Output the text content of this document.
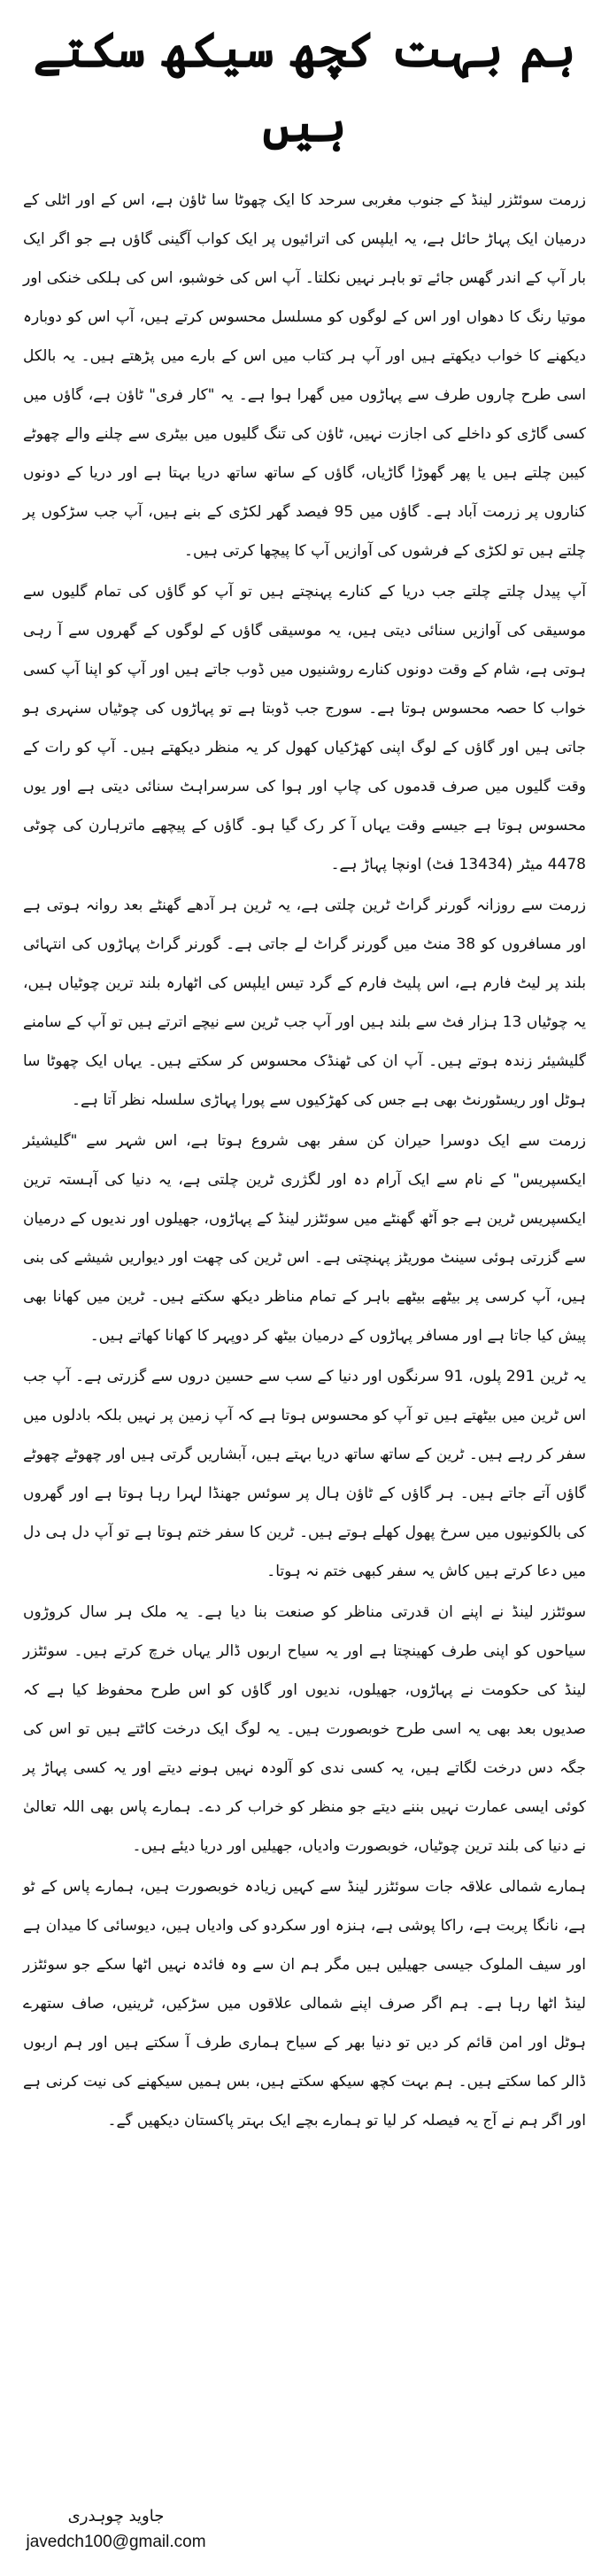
ہم بہت کچھ سیکھ سکتے ہیں

زرمت سوئٹزر لینڈ کے جنوب مغربی سرحد کا ایک چھوٹا سا ٹاؤن ہے، اس کے اور اٹلی کے درمیان ایک پہاڑ حائل ہے، یہ ایلپس کی اترائیوں پر ایک کواب آگینی گاؤں ہے جو اگر ایک بار آپ کے اندر گھس جائے تو باہر نہیں نکلتا۔ آپ اس کی خوشبو، اس کی ہلکی خنکی اور موتیا رنگ کا دھواں اور اس کے لوگوں کو مسلسل محسوس کرتے ہیں، آپ اس کو دوبارہ دیکھنے کا خواب دیکھتے ہیں اور آپ ہر کتاب میں اس کے بارے میں پڑھتے ہیں۔ یہ بالکل اسی طرح چاروں طرف سے پہاڑوں میں گھرا ہوا ہے۔ یہ "کار فری" ٹاؤن ہے، گاؤں میں کسی گاڑی کو داخلے کی اجازت نہیں، ٹاؤن کی تنگ گلیوں میں بیٹری سے چلنے والے چھوٹے کیبن چلتے ہیں یا پھر گھوڑا گاڑیاں، گاؤں کے ساتھ ساتھ دریا بہتا ہے اور دریا کے دونوں کناروں پر زرمت آباد ہے۔ گاؤں میں 95 فیصد گھر لکڑی کے بنے ہیں، آپ جب سڑکوں پر چلتے ہیں تو لکڑی کے فرشوں کی آوازیں آپ کا پیچھا کرتی ہیں۔

آپ پیدل چلتے چلتے جب دریا کے کنارے پہنچتے ہیں تو آپ کو گاؤں کی تمام گلیوں سے موسیقی کی آوازیں سنائی دیتی ہیں، یہ موسیقی گاؤں کے لوگوں کے گھروں سے آ رہی ہوتی ہے، شام کے وقت دونوں کنارے روشنیوں میں ڈوب جاتے ہیں اور آپ کو اپنا آپ کسی خواب کا حصہ محسوس ہوتا ہے۔ سورج جب ڈوبتا ہے تو پہاڑوں کی چوٹیاں سنہری ہو جاتی ہیں اور گاؤں کے لوگ اپنی کھڑکیاں کھول کر یہ منظر دیکھتے ہیں۔ آپ کو رات کے وقت گلیوں میں صرف قدموں کی چاپ اور ہوا کی سرسراہٹ سنائی دیتی ہے اور یوں محسوس ہوتا ہے جیسے وقت یہاں آ کر رک گیا ہو۔ گاؤں کے پیچھے ماترہارن کی چوٹی 4478 میٹر (13434 فٹ) اونچا پہاڑ ہے۔

زرمت سے روزانہ گورنر گراٹ ٹرین چلتی ہے، یہ ٹرین ہر آدھے گھنٹے بعد روانہ ہوتی ہے اور مسافروں کو 38 منٹ میں گورنر گراٹ لے جاتی ہے۔ گورنر گراٹ پہاڑوں کی انتہائی بلند پر لیٹ فارم ہے، اس پلیٹ فارم کے گرد تیس ایلپس کی اٹھارہ بلند ترین چوٹیاں ہیں، یہ چوٹیاں 13 ہزار فٹ سے بلند ہیں اور آپ جب ٹرین سے نیچے اترتے ہیں تو آپ کے سامنے گلیشیئر زندہ ہوتے ہیں۔ آپ ان کی ٹھنڈک محسوس کر سکتے ہیں۔ یہاں ایک چھوٹا سا ہوٹل اور ریسٹورنٹ بھی ہے جس کی کھڑکیوں سے پورا پہاڑی سلسلہ نظر آتا ہے۔

زرمت سے ایک دوسرا حیران کن سفر بھی شروع ہوتا ہے، اس شہر سے "گلیشیئر ایکسپریس" کے نام سے ایک آرام دہ اور لگژری ٹرین چلتی ہے، یہ دنیا کی آہستہ ترین ایکسپریس ٹرین ہے جو آٹھ گھنٹے میں سوئٹزر لینڈ کے پہاڑوں، جھیلوں اور ندیوں کے درمیان سے گزرتی ہوئی سینٹ موریٹز پہنچتی ہے۔ اس ٹرین کی چھت اور دیواریں شیشے کی بنی ہیں، آپ کرسی پر بیٹھے بیٹھے باہر کے تمام مناظر دیکھ سکتے ہیں۔ ٹرین میں کھانا بھی پیش کیا جاتا ہے اور مسافر پہاڑوں کے درمیان بیٹھ کر دوپہر کا کھانا کھاتے ہیں۔

یہ ٹرین 291 پلوں، 91 سرنگوں اور دنیا کے سب سے حسین دروں سے گزرتی ہے۔ آپ جب اس ٹرین میں بیٹھتے ہیں تو آپ کو محسوس ہوتا ہے کہ آپ زمین پر نہیں بلکہ بادلوں میں سفر کر رہے ہیں۔ ٹرین کے ساتھ ساتھ دریا بہتے ہیں، آبشاریں گرتی ہیں اور چھوٹے چھوٹے گاؤں آتے جاتے ہیں۔ ہر گاؤں کے ٹاؤن ہال پر سوئس جھنڈا لہرا رہا ہوتا ہے اور گھروں کی بالکونیوں میں سرخ پھول کھلے ہوتے ہیں۔ ٹرین کا سفر ختم ہوتا ہے تو آپ دل ہی دل میں دعا کرتے ہیں کاش یہ سفر کبھی ختم نہ ہوتا۔

سوئٹزر لینڈ نے اپنے ان قدرتی مناظر کو صنعت بنا دیا ہے۔ یہ ملک ہر سال کروڑوں سیاحوں کو اپنی طرف کھینچتا ہے اور یہ سیاح اربوں ڈالر یہاں خرچ کرتے ہیں۔ سوئٹزر لینڈ کی حکومت نے پہاڑوں، جھیلوں، ندیوں اور گاؤں کو اس طرح محفوظ کیا ہے کہ صدیوں بعد بھی یہ اسی طرح خوبصورت ہیں۔ یہ لوگ ایک درخت کاٹتے ہیں تو اس کی جگہ دس درخت لگاتے ہیں، یہ کسی ندی کو آلودہ نہیں ہونے دیتے اور یہ کسی پہاڑ پر کوئی ایسی عمارت نہیں بننے دیتے جو منظر کو خراب کر دے۔ ہمارے پاس بھی اللہ تعالیٰ نے دنیا کی بلند ترین چوٹیاں، خوبصورت وادیاں، جھیلیں اور دریا دیئے ہیں۔

ہمارے شمالی علاقہ جات سوئٹزر لینڈ سے کہیں زیادہ خوبصورت ہیں، ہمارے پاس کے ٹو ہے، نانگا پربت ہے، راکا پوشی ہے، ہنزہ اور سکردو کی وادیاں ہیں، دیوسائی کا میدان ہے اور سیف الملوک جیسی جھیلیں ہیں مگر ہم ان سے وہ فائدہ نہیں اٹھا سکے جو سوئٹزر لینڈ اٹھا رہا ہے۔ ہم اگر صرف اپنے شمالی علاقوں میں سڑکیں، ٹرینیں، صاف ستھرے ہوٹل اور امن قائم کر دیں تو دنیا بھر کے سیاح ہماری طرف آ سکتے ہیں اور ہم اربوں ڈالر کما سکتے ہیں۔ ہم بہت کچھ سیکھ سکتے ہیں، بس ہمیں سیکھنے کی نیت کرنی ہے اور اگر ہم نے آج یہ فیصلہ کر لیا تو ہمارے بچے ایک بہتر پاکستان دیکھیں گے۔

جاوید چوہدری
javedch100@gmail.com
